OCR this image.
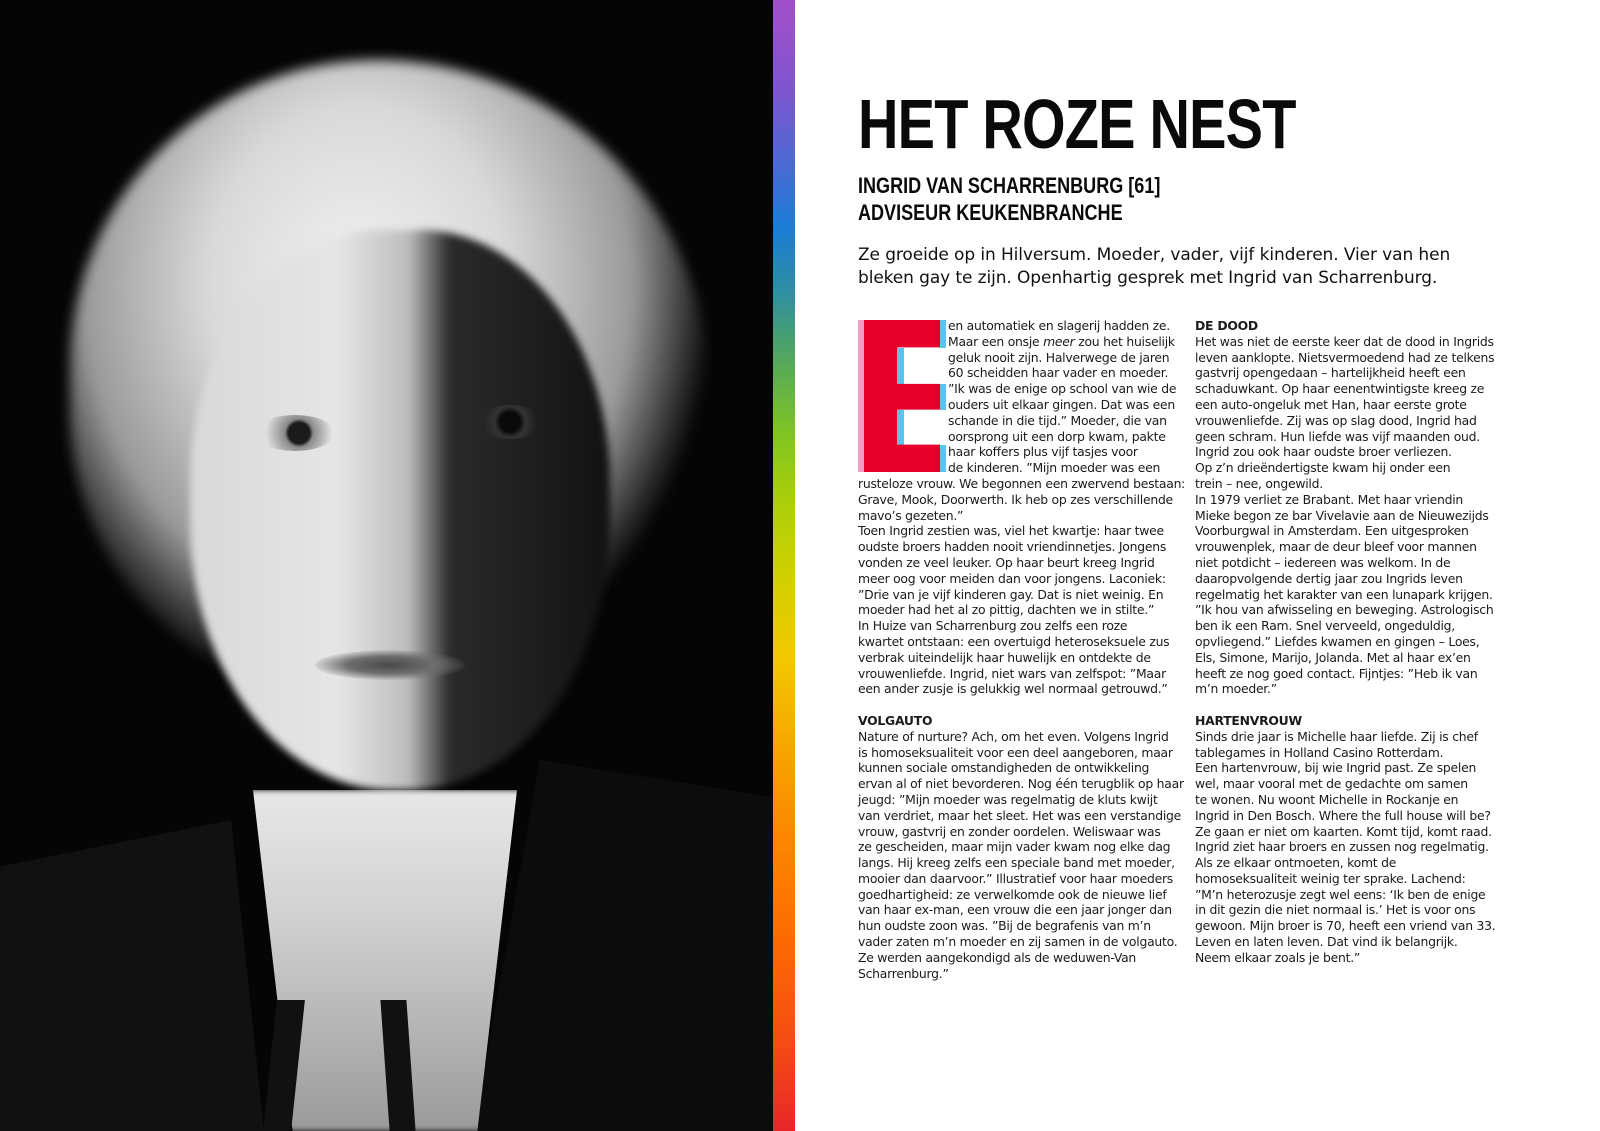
HET ROZE NEST
INGRID VAN SCHARRENBURG [61]
ADVISEUR KEUKENBRANCHE

Ze groeide op in Hilversum. Moeder, vader, vijf kinderen. Vier van hen bleken gay te zijn. Openhartig gesprek met Ingrid van Scharrenburg.

en automatiek en slagerij hadden ze.
Maar een onsje meer zou het huiselijk
geluk nooit zijn. Halverwege de jaren
60 scheidden haar vader en moeder.
”Ik was de enige op school van wie de
ouders uit elkaar gingen. Dat was een
schande in die tijd.” Moeder, die van
oorsprong uit een dorp kwam, pakte
haar koffers plus vijf tasjes voor
de kinderen. ”Mijn moeder was een
rusteloze vrouw. We begonnen een zwervend bestaan:
Grave, Mook, Doorwerth. Ik heb op zes verschillende
mavo’s gezeten.”
Toen Ingrid zestien was, viel het kwartje: haar twee
oudste broers hadden nooit vriendinnetjes. Jongens
vonden ze veel leuker. Op haar beurt kreeg Ingrid
meer oog voor meiden dan voor jongens. Laconiek:
”Drie van je vijf kinderen gay. Dat is niet weinig. En
moeder had het al zo pittig, dachten we in stilte.”
In Huize van Scharrenburg zou zelfs een roze
kwartet ontstaan: een overtuigd heteroseksuele zus
verbrak uiteindelijk haar huwelijk en ontdekte de
vrouwenliefde. Ingrid, niet wars van zelfspot: ”Maar
een ander zusje is gelukkig wel normaal getrouwd.”
VOLGAUTO
Nature of nurture? Ach, om het even. Volgens Ingrid
is homoseksualiteit voor een deel aangeboren, maar
kunnen sociale omstandigheden de ontwikkeling
ervan al of niet bevorderen. Nog één terugblik op haar
jeugd: ”Mijn moeder was regelmatig de kluts kwijt
van verdriet, maar het sleet. Het was een verstandige
vrouw, gastvrij en zonder oordelen. Weliswaar was
ze gescheiden, maar mijn vader kwam nog elke dag
langs. Hij kreeg zelfs een speciale band met moeder,
mooier dan daarvoor.” Illustratief voor haar moeders
goedhartigheid: ze verwelkomde ook de nieuwe lief
van haar ex-man, een vrouw die een jaar jonger dan
hun oudste zoon was. ”Bij de begrafenis van m’n
vader zaten m’n moeder en zij samen in de volgauto.
Ze werden aangekondigd als de weduwen-Van
Scharrenburg.”
DE DOOD
Het was niet de eerste keer dat de dood in Ingrids
leven aanklopte. Nietsvermoedend had ze telkens
gastvrij opengedaan – hartelijkheid heeft een
schaduwkant. Op haar eenentwintigste kreeg ze
een auto-ongeluk met Han, haar eerste grote
vrouwenliefde. Zij was op slag dood, Ingrid had
geen schram. Hun liefde was vijf maanden oud.
Ingrid zou ook haar oudste broer verliezen.
Op z’n drieëndertigste kwam hij onder een
trein – nee, ongewild.
In 1979 verliet ze Brabant. Met haar vriendin
Mieke begon ze bar Vivelavie aan de Nieuwezijds
Voorburgwal in Amsterdam. Een uitgesproken
vrouwenplek, maar de deur bleef voor mannen
niet potdicht – iedereen was welkom. In de
daaropvolgende dertig jaar zou Ingrids leven
regelmatig het karakter van een lunapark krijgen.
”Ik hou van afwisseling en beweging. Astrologisch
ben ik een Ram. Snel verveeld, ongeduldig,
opvliegend.” Liefdes kwamen en gingen – Loes,
Els, Simone, Marijo, Jolanda. Met al haar ex’en
heeft ze nog goed contact. Fijntjes: ”Heb ik van
m’n moeder.”
HARTENVROUW
Sinds drie jaar is Michelle haar liefde. Zij is chef
tablegames in Holland Casino Rotterdam.
Een hartenvrouw, bij wie Ingrid past. Ze spelen
wel, maar vooral met de gedachte om samen
te wonen. Nu woont Michelle in Rockanje en
Ingrid in Den Bosch. Where the full house will be?
Ze gaan er niet om kaarten. Komt tijd, komt raad.
Ingrid ziet haar broers en zussen nog regelmatig.
Als ze elkaar ontmoeten, komt de
homoseksualiteit weinig ter sprake. Lachend:
”M’n heterozusje zegt wel eens: ‘Ik ben de enige
in dit gezin die niet normaal is.’ Het is voor ons
gewoon. Mijn broer is 70, heeft een vriend van 33.
Leven en laten leven. Dat vind ik belangrijk.
Neem elkaar zoals je bent.”
